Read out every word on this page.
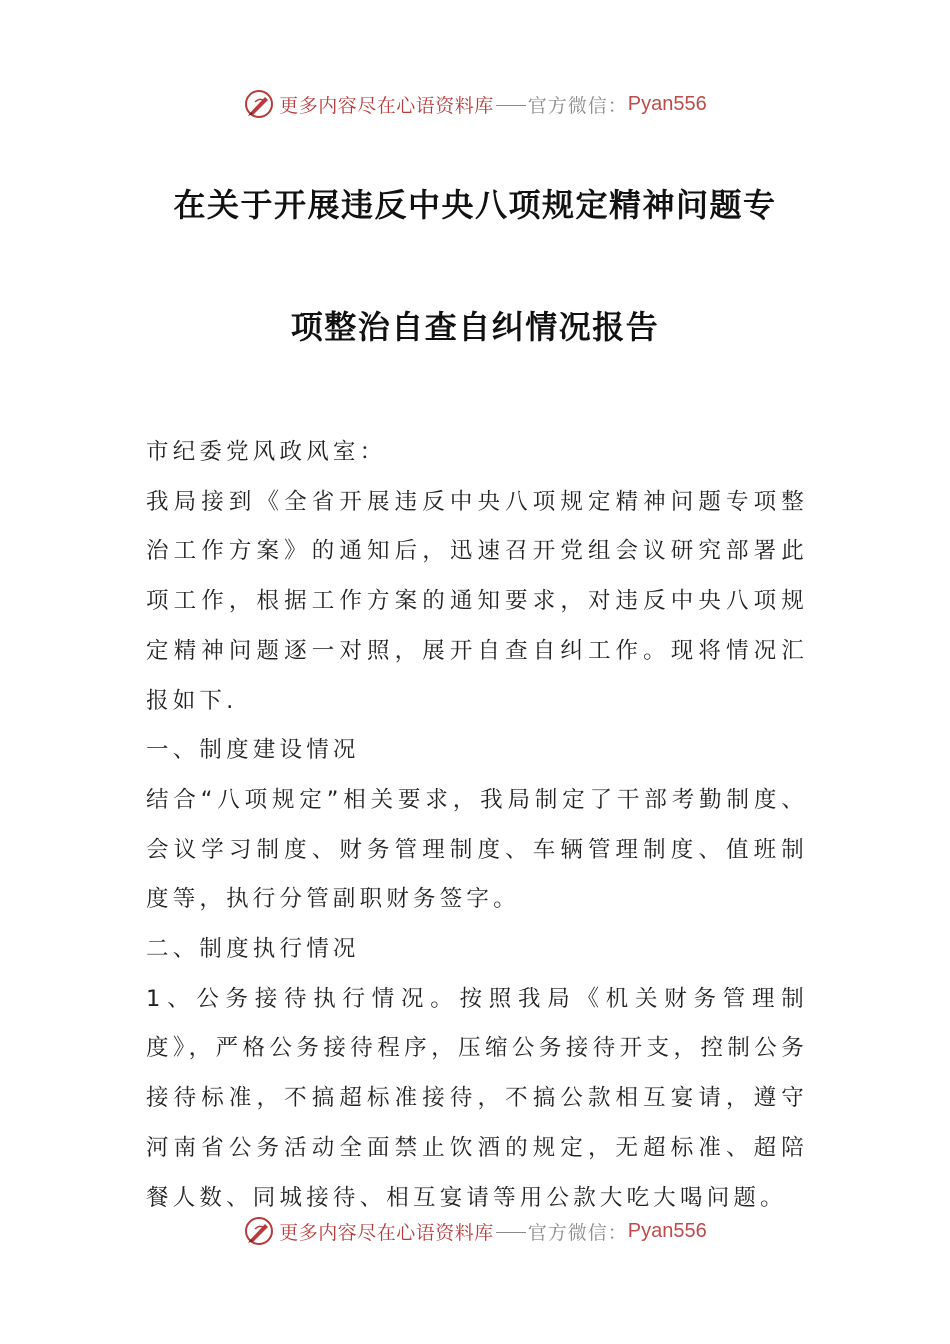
更多内容尽在心语资料库 官方微信： Pyan556
在关于开展违反中央八项规定精神问题专
项整治自查自纠情况报告

市纪委党风政风室：

我局接到《全省开展违反中央八项规定精神问题专项整治工作方案》的通知后，迅速召开党组会议研究部署此项工作，根据工作方案的通知要求，对违反中央八项规定精神问题逐一对照，展开自查自纠工作。现将情况汇报如下.

一、制度建设情况

结合“八项规定”相关要求，我局制定了干部考勤制度、会议学习制度、财务管理制度、车辆管理制度、值班制度等，执行分管副职财务签字。

二、制度执行情况

1、公务接待执行情况。按照我局《机关财务管理制度》，严格公务接待程序，压缩公务接待开支，控制公务接待标准，不搞超标准接待，不搞公款相互宴请，遵守河南省公务活动全面禁止饮酒的规定，无超标准、超陪餐人数、同城接待、相互宴请等用公款大吃大喝问题。

更多内容尽在心语资料库 官方微信： Pyan556
